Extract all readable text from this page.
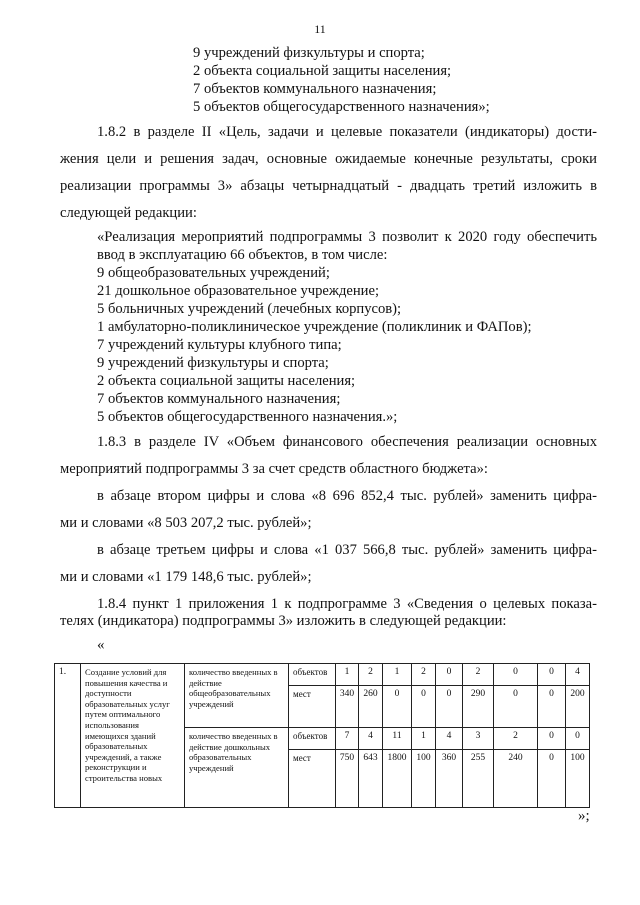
11
9 учреждений физкультуры и спорта;
2 объекта социальной защиты населения;
7 объектов коммунального назначения;
5 объектов общегосударственного назначения»;
1.8.2 в разделе II «Цель, задачи и целевые показатели (индикаторы) дости-
жения цели и решения задач, основные ожидаемые конечные результаты, сроки
реализации программы 3» абзацы четырнадцатый - двадцать третий изложить в
следующей редакции:
«Реализация мероприятий подпрограммы 3 позволит к 2020 году обеспечить
ввод в эксплуатацию 66 объектов, в том числе:
9 общеобразовательных учреждений;
21 дошкольное образовательное учреждение;
5 больничных учреждений (лечебных корпусов);
1 амбулаторно-поликлиническое учреждение (поликлиник и ФАПов);
7 учреждений культуры клубного типа;
9 учреждений физкультуры и спорта;
2 объекта социальной защиты населения;
7 объектов коммунального назначения;
5 объектов общегосударственного назначения.»;
1.8.3 в разделе IV «Объем финансового обеспечения реализации основных
мероприятий подпрограммы 3 за счет средств областного бюджета»:
в абзаце втором цифры и слова «8 696 852,4 тыс. рублей» заменить цифра-
ми и словами «8 503 207,2 тыс. рублей»;
в абзаце третьем цифры и слова «1 037 566,8 тыс. рублей» заменить цифра-
ми и словами «1 179 148,6 тыс. рублей»;
1.8.4 пункт 1 приложения 1 к подпрограмме 3 «Сведения о целевых показа-
телях (индикатора) подпрограммы 3» изложить в следующей редакции:
«
1.	Создание условий для повышения качества и доступности образовательных услуг путем оптимального использования имеющихся зданий образовательных учреждений, а также реконструкции и строительства новых	количество введенных в действие общеобразовательных учреждений	объектов	1	2	1	2	0	2	0	0	4
			мест	340	260	0	0	0	290	0	0	200
		количество введенных в действие дошкольных образовательных учреждений	объектов	7	4	11	1	4	3	2	0	0
			мест	750	643	1800	100	360	255	240	0	100
»;
